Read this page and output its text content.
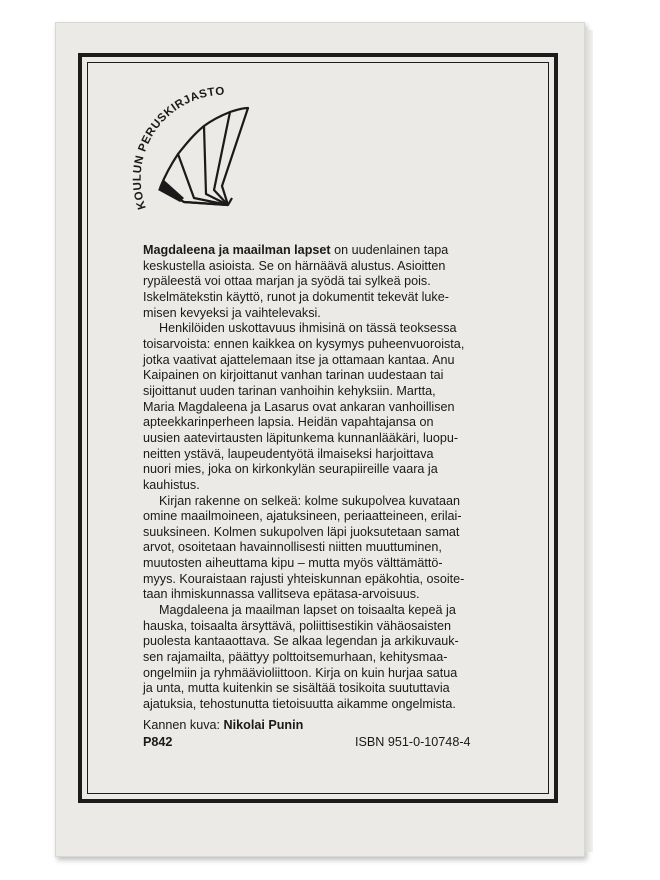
KOULUN PERUSKIRJASTO

Magdaleena ja maailman lapset on uudenlainen tapa
keskustella asioista. Se on härnäävä alustus. Asioitten
rypäleestä voi ottaa marjan ja syödä tai sylkeä pois.
Iskelmätekstin käyttö, runot ja dokumentit tekevät luke-
misen kevyeksi ja vaihtelevaksi.

Henkilöiden uskottavuus ihmisinä on tässä teoksessa
toisarvoista: ennen kaikkea on kysymys puheenvuoroista,
jotka vaativat ajattelemaan itse ja ottamaan kantaa. Anu
Kaipainen on kirjoittanut vanhan tarinan uudestaan tai
sijoittanut uuden tarinan vanhoihin kehyksiin. Martta,
Maria Magdaleena ja Lasarus ovat ankaran vanhoillisen
apteekkarinperheen lapsia. Heidän vapahtajansa on
uusien aatevirtausten läpitunkema kunnanlääkäri, luopu-
neitten ystävä, laupeudentyötä ilmaiseksi harjoittava
nuori mies, joka on kirkonkylän seurapiireille vaara ja
kauhistus.

Kirjan rakenne on selkeä: kolme sukupolvea kuvataan
omine maailmoineen, ajatuksineen, periaatteineen, erilai-
suuksineen. Kolmen sukupolven läpi juoksutetaan samat
arvot, osoitetaan havainnollisesti niitten muuttuminen,
muutosten aiheuttama kipu – mutta myös välttämättö-
myys. Kouraistaan rajusti yhteiskunnan epäkohtia, osoite-
taan ihmiskunnassa vallitseva epätasa-arvoisuus.

Magdaleena ja maailman lapset on toisaalta kepeä ja
hauska, toisaalta ärsyttävä, poliittisestikin vähäosaisten
puolesta kantaaottava. Se alkaa legendan ja arkikuvauk-
sen rajamailta, päättyy polttoitsemurhaan, kehitysmaa-
ongelmiin ja ryhmäävioliittoon. Kirja on kuin hurjaa satua
ja unta, mutta kuitenkin se sisältää tosikoita suututtavia
ajatuksia, tehostunutta tietoisuutta aikamme ongelmista.

Kannen kuva: Nikolai Punin
P842	ISBN 951-0-10748-4
